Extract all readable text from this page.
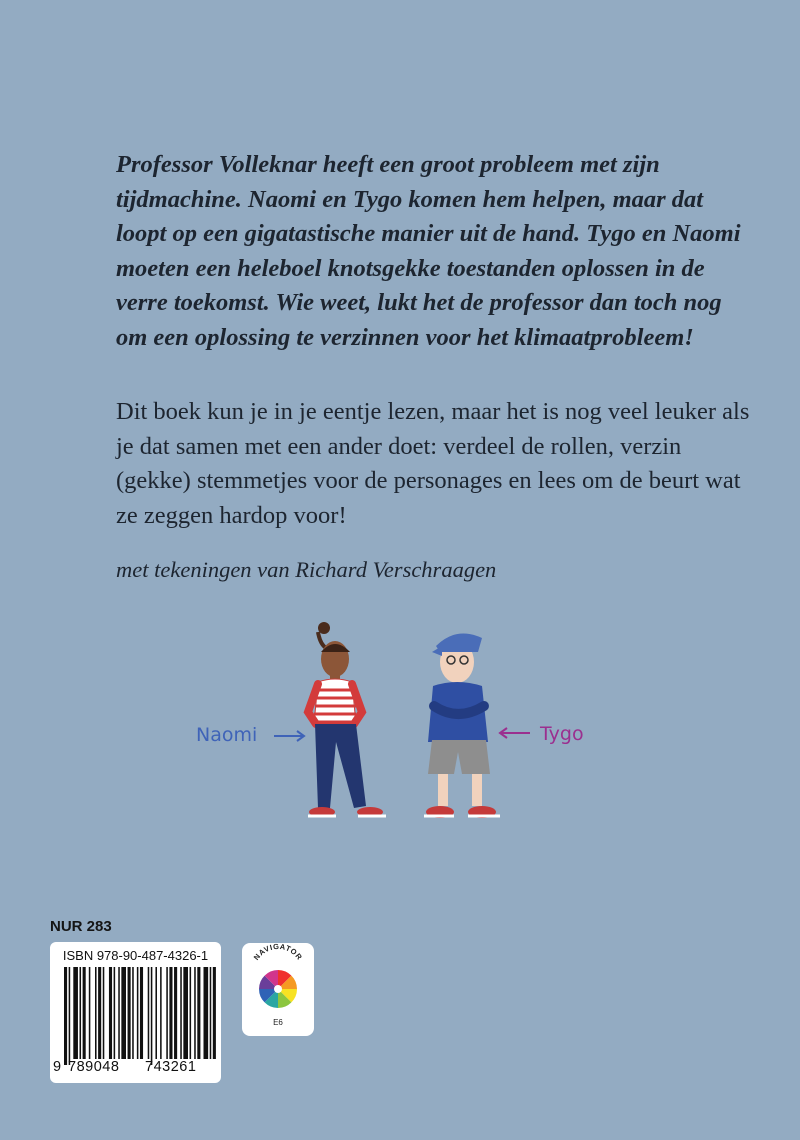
Professor Volleknar heeft een groot probleem met zijn tijdmachine. Naomi en Tygo komen hem helpen, maar dat loopt op een gigatastische manier uit de hand. Tygo en Naomi moeten een heleboel knotsgekke toestanden oplossen in de verre toekomst. Wie weet, lukt het de professor dan toch nog om een oplossing te verzinnen voor het klimaatprobleem!

Dit boek kun je in je eentje lezen, maar het is nog veel leuker als je dat samen met een ander doet: verdeel de rollen, verzin (gekke) stemmetjes voor de personages en lees om de beurt wat ze zeggen hardop voor!

met tekeningen van Richard Verschraagen

Naomi	Tygo
NUR 283
ISBN 978-90-487-4326-1
9 789048 743261
NAVIGATOR
E6
